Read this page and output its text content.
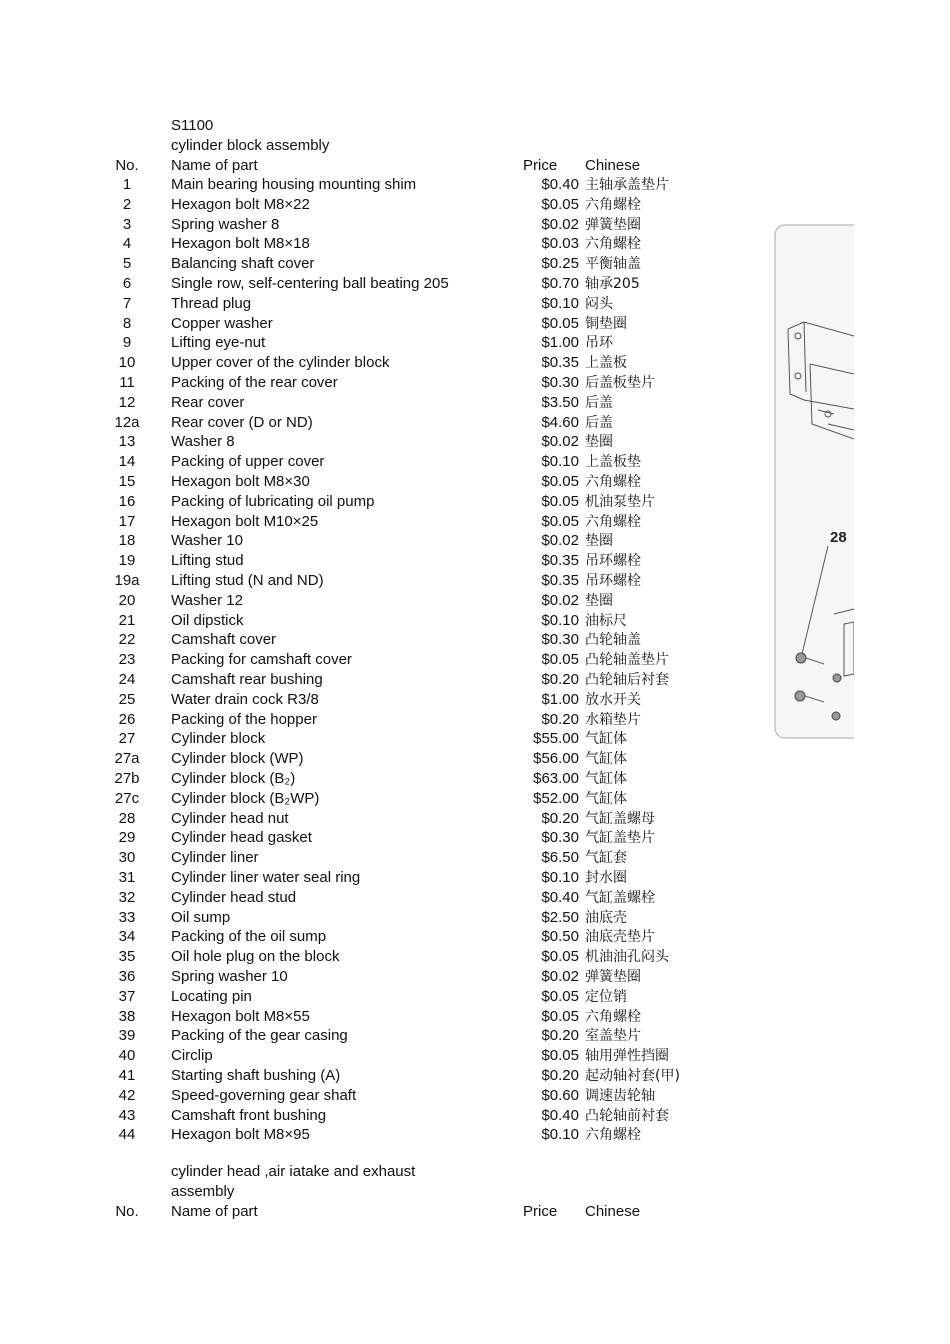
S1100
cylinder block assembly
No.	Name of part	Price Chinese
1	Main bearing housing mounting shim	$0.40 主轴承盖垫片
2	Hexagon bolt M8×22	$0.05 六角螺栓
3	Spring washer 8	$0.02 弹簧垫圈
4	Hexagon bolt M8×18	$0.03 六角螺栓
5	Balancing shaft cover	$0.25 平衡轴盖
6	Single row, self-centering ball beating 205	$0.70 轴承205
7	Thread plug	$0.10 闷头
8	Copper washer	$0.05 铜垫圈
9	Lifting eye-nut	$1.00 吊环
10	Upper cover of the cylinder block	$0.35 上盖板
11	Packing of the rear cover	$0.30 后盖板垫片
12	Rear cover	$3.50 后盖
12a	Rear cover (D or ND)	$4.60 后盖
13	Washer 8	$0.02 垫圈
14	Packing of upper cover	$0.10 上盖板垫
15	Hexagon bolt M8×30	$0.05 六角螺栓
16	Packing of lubricating oil pump	$0.05 机油泵垫片
17	Hexagon bolt M10×25	$0.05 六角螺栓
18	Washer 10	$0.02 垫圈
19	Lifting stud	$0.35 吊环螺栓
19a	Lifting stud (N and ND)	$0.35 吊环螺栓
20	Washer 12	$0.02 垫圈
21	Oil dipstick	$0.10 油标尺
22	Camshaft cover	$0.30 凸轮轴盖
23	Packing for camshaft cover	$0.05 凸轮轴盖垫片
24	Camshaft rear bushing	$0.20 凸轮轴后衬套
25	Water drain cock R3/8	$1.00 放水开关
26	Packing of the hopper	$0.20 水箱垫片
27	Cylinder block	$55.00 气缸体
27a	Cylinder block (WP)	$56.00 气缸体
27b	Cylinder block (B₂)	$63.00 气缸体
27c	Cylinder block (B₂WP)	$52.00 气缸体
28	Cylinder head nut	$0.20 气缸盖螺母
29	Cylinder head gasket	$0.30 气缸盖垫片
30	Cylinder liner	$6.50 气缸套
31	Cylinder liner water seal ring	$0.10 封水圈
32	Cylinder head stud	$0.40 气缸盖螺栓
33	Oil sump	$2.50 油底壳
34	Packing of the oil sump	$0.50 油底壳垫片
35	Oil hole plug on the block	$0.05 机油油孔闷头
36	Spring washer 10	$0.02 弹簧垫圈
37	Locating pin	$0.05 定位销
38	Hexagon bolt M8×55	$0.05 六角螺栓
39	Packing of the gear casing	$0.20 室盖垫片
40	Circlip	$0.05 轴用弹性挡圈
41	Starting shaft bushing (A)	$0.20 起动轴衬套(甲)
42	Speed-governing gear shaft	$0.60 调速齿轮轴
43	Camshaft front bushing	$0.40 凸轮轴前衬套
44	Hexagon bolt M8×95	$0.10 六角螺栓
cylinder head ,air iatake and exhaust
assembly
No.	Name of part	Price Chinese
28
